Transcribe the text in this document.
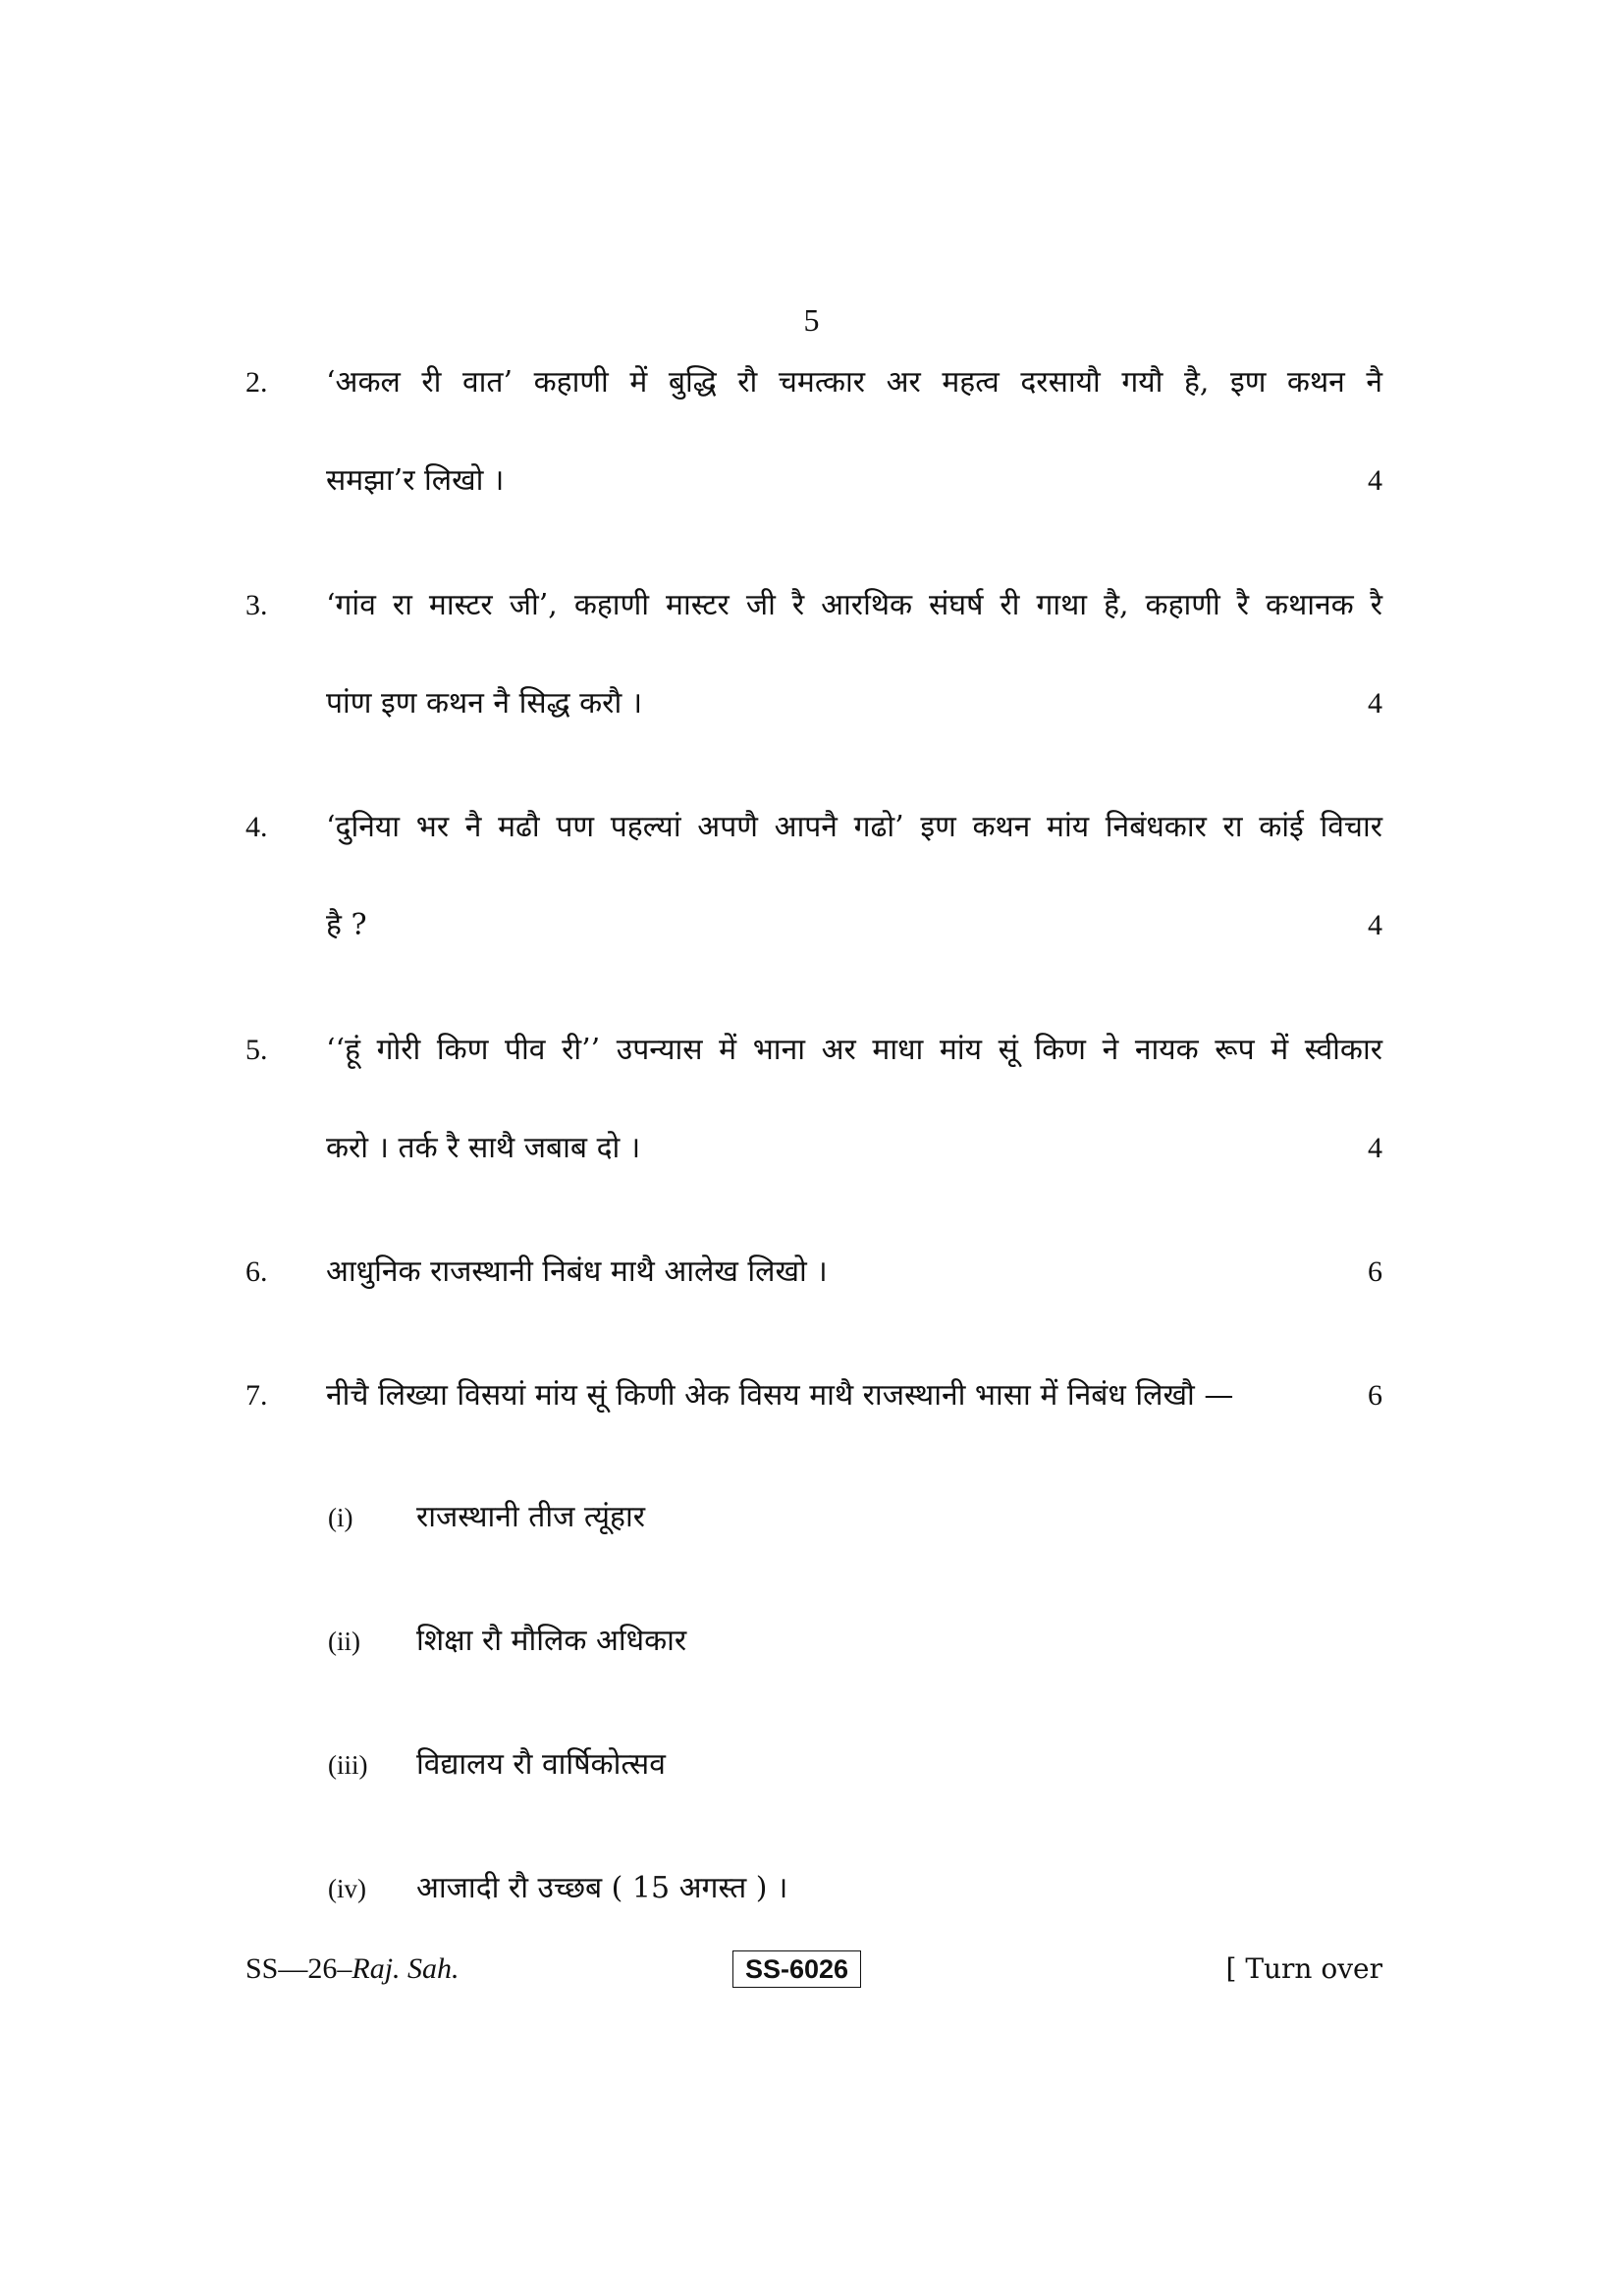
5
2. ‘अकल री वात’ कहाणी में बुद्धि रौ चमत्कार अर महत्व दरसायौ गयौ है, इण कथन नै
समझा’र लिखो ।	4
3. ‘गांव रा मास्टर जी’, कहाणी मास्टर जी रै आरथिक संघर्ष री गाथा है, कहाणी रै कथानक रै
पांण इण कथन नै सिद्ध करौ ।	4
4. ‘दुनिया भर नै मढौ पण पहल्यां अपणै आपनै गढो’ इण कथन मांय निबंधकार रा कांई विचार
है ?	4
5. ‘‘हूं गोरी किण पीव री’’ उपन्यास में भाना अर माधा मांय सूं किण ने नायक रूप में स्वीकार
करो । तर्क रै साथै जबाब दो ।	4
6. आधुनिक राजस्थानी निबंध माथै आलेख लिखो ।	6
7. नीचै लिख्या विसयां मांय सूं किणी अेक विसय माथै राजस्थानी भासा में निबंध लिखौ —	6
(i) राजस्थानी तीज त्यूंहार
(ii) शिक्षा रौ मौलिक अधिकार
(iii) विद्यालय रौ वार्षिकोत्सव
(iv) आजादी रौ उच्छब ( 15 अगस्त ) ।
SS—26–Raj. Sah.	SS-6026	[ Turn over
